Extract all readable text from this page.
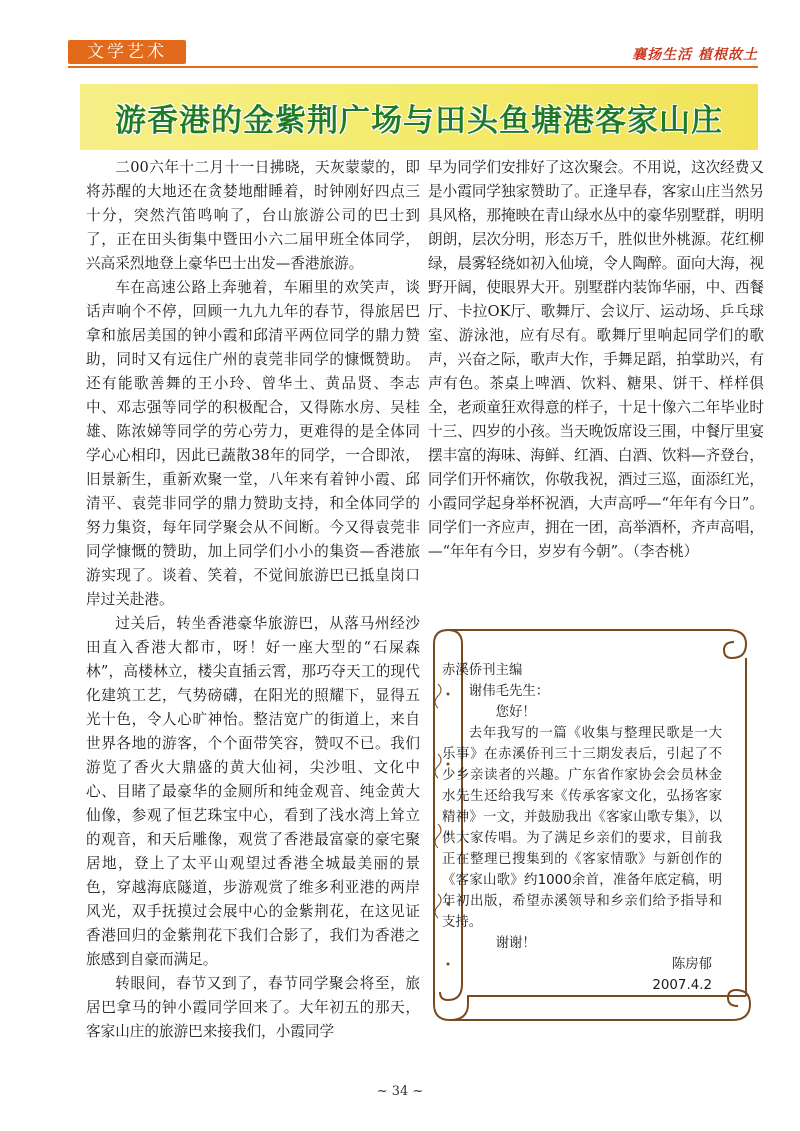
文学艺术	襄扬生活 植根故土
游香港的金紫荆广场与田头鱼塘港客家山庄

二00六年十二月十一日拂晓，天灰蒙蒙的，即将苏醒的大地还在贪婪地酣睡着，时钟刚好四点三十分，突然汽笛鸣响了，台山旅游公司的巴士到了，正在田头街集中暨田小六二届甲班全体同学，兴高采烈地登上豪华巴士出发—香港旅游。

车在高速公路上奔驰着，车厢里的欢笑声，谈话声响个不停，回顾一九九九年的春节，得旅居巴拿和旅居美国的钟小霞和邱清平两位同学的鼎力赞助，同时又有远住广州的袁莞非同学的慷慨赞助。还有能歌善舞的王小玲、曾华土、黄品贤、李志中、邓志强等同学的积极配合，又得陈水房、吴桂雄、陈浓娣等同学的劳心劳力，更难得的是全体同学心心相印，因此已蔬散38年的同学，一合即浓，旧景新生，重新欢聚一堂，八年来有着钟小霞、邱清平、袁莞非同学的鼎力赞助支持，和全体同学的努力集资，每年同学聚会从不间断。今又得袁莞非同学慷慨的赞助，加上同学们小小的集资—香港旅游实现了。谈着、笑着，不觉间旅游巴已抵皇岗口岸过关赴港。

过关后，转坐香港豪华旅游巴，从落马州经沙田直入香港大都市，呀！好一座大型的“石屎森林”，高楼林立，楼尖直插云霄，那巧夺天工的现代化建筑工艺，气势磅礴，在阳光的照耀下，显得五光十色，令人心旷神怡。整洁宽广的街道上，来自世界各地的游客，个个面带笑容，赞叹不已。我们游览了香火大鼎盛的黄大仙祠，尖沙咀、文化中心、目睹了最豪华的金厕所和纯金观音、纯金黄大仙像，参观了恒艺珠宝中心，看到了浅水湾上耸立的观音，和天后雕像，观赏了香港最富豪的豪宅聚居地，登上了太平山观望过香港全城最美丽的景色，穿越海底隧道，步游观赏了维多利亚港的两岸风光，双手抚摸过会展中心的金紫荆花，在这见证香港回归的金紫荆花下我们合影了，我们为香港之旅感到自豪而满足。

转眼间，春节又到了，春节同学聚会将至，旅居巴拿马的钟小霞同学回来了。大年初五的那天，客家山庄的旅游巴来接我们，小霞同学

早为同学们安排好了这次聚会。不用说，这次经费又是小霞同学独家赞助了。正逢早春，客家山庄当然另具风格，那掩映在青山绿水丛中的豪华别墅群，明明朗朗，层次分明，形态万千，胜似世外桃源。花红柳绿，晨雾轻绕如初入仙境，令人陶醉。面向大海，视野开阔，使眼界大开。别墅群内装饰华丽，中、西餐厅、卡拉OK厅、歌舞厅、会议厅、运动场、乒乓球室、游泳池，应有尽有。歌舞厅里响起同学们的歌声，兴奋之际，歌声大作，手舞足蹈，拍掌助兴，有声有色。茶桌上啤酒、饮料、糖果、饼干、样样俱全，老顽童狂欢得意的样子，十足十像六二年毕业时十三、四岁的小孩。当天晚饭席设三围，中餐厅里宴摆丰富的海味、海鲜、红酒、白酒、饮料—齐登台，同学们开怀痛饮，你敬我祝，酒过三巡，面添红光，小霞同学起身举杯祝酒，大声高呼—“年年有今日”。同学们一齐应声，拥在一团，高举酒杯，齐声高唱，—“年年有今日，岁岁有今朝”。（李杏桃）

赤溪侨刊主编
谢伟毛先生：
您好！
去年我写的一篇《收集与整理民歌是一大乐事》在赤溪侨刊三十三期发表后，引起了不少乡亲读者的兴趣。广东省作家协会会员林金水先生还给我写来《传承客家文化，弘扬客家精神》一文，并鼓励我出《客家山歌专集》，以供大家传唱。为了满足乡亲们的要求，目前我正在整理已搜集到的《客家情歌》与新创作的《客家山歌》约1000余首，准备年底定稿，明年初出版，希望赤溪领导和乡亲们给予指导和支持。
谢谢！
陈房郁
2007.4.2
~ 34 ~
